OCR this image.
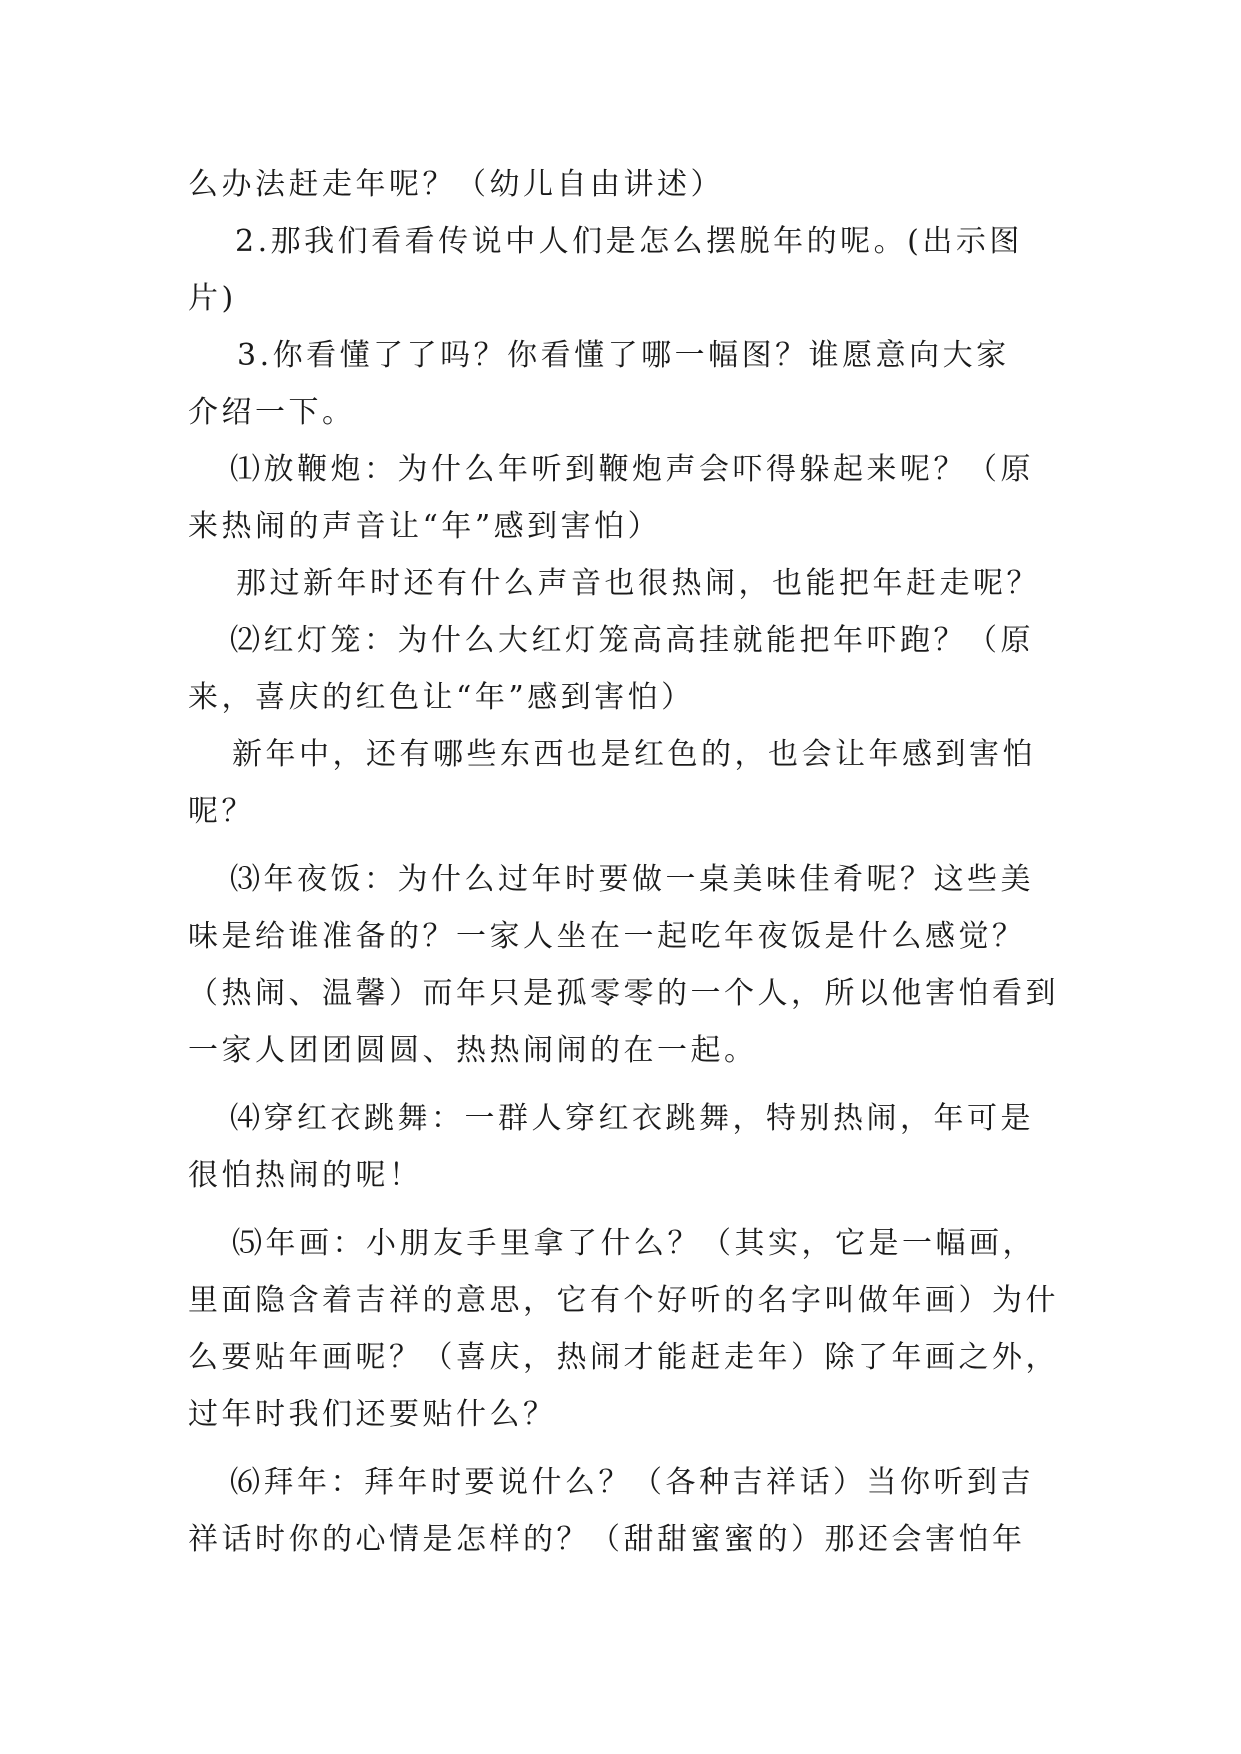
么办法赶走年呢？（幼儿自由讲述）
2.那我们看看传说中人们是怎么摆脱年的呢。(出示图
片)
3.你看懂了了吗？你看懂了哪一幅图？谁愿意向大家
介绍一下。
⑴放鞭炮：为什么年听到鞭炮声会吓得躲起来呢？（原
来热闹的声音让“年”感到害怕）
那过新年时还有什么声音也很热闹，也能把年赶走呢？
⑵红灯笼：为什么大红灯笼高高挂就能把年吓跑？（原
来，喜庆的红色让“年”感到害怕）
新年中，还有哪些东西也是红色的，也会让年感到害怕
呢？
⑶年夜饭：为什么过年时要做一桌美味佳肴呢？这些美
味是给谁准备的？一家人坐在一起吃年夜饭是什么感觉？
（热闹、温馨）而年只是孤零零的一个人，所以他害怕看到
一家人团团圆圆、热热闹闹的在一起。
⑷穿红衣跳舞：一群人穿红衣跳舞，特别热闹，年可是
很怕热闹的呢！
⑸年画：小朋友手里拿了什么？（其实，它是一幅画，
里面隐含着吉祥的意思，它有个好听的名字叫做年画）为什
么要贴年画呢？（喜庆，热闹才能赶走年）除了年画之外，
过年时我们还要贴什么？
⑹拜年：拜年时要说什么？（各种吉祥话）当你听到吉
祥话时你的心情是怎样的？（甜甜蜜蜜的）那还会害怕年
